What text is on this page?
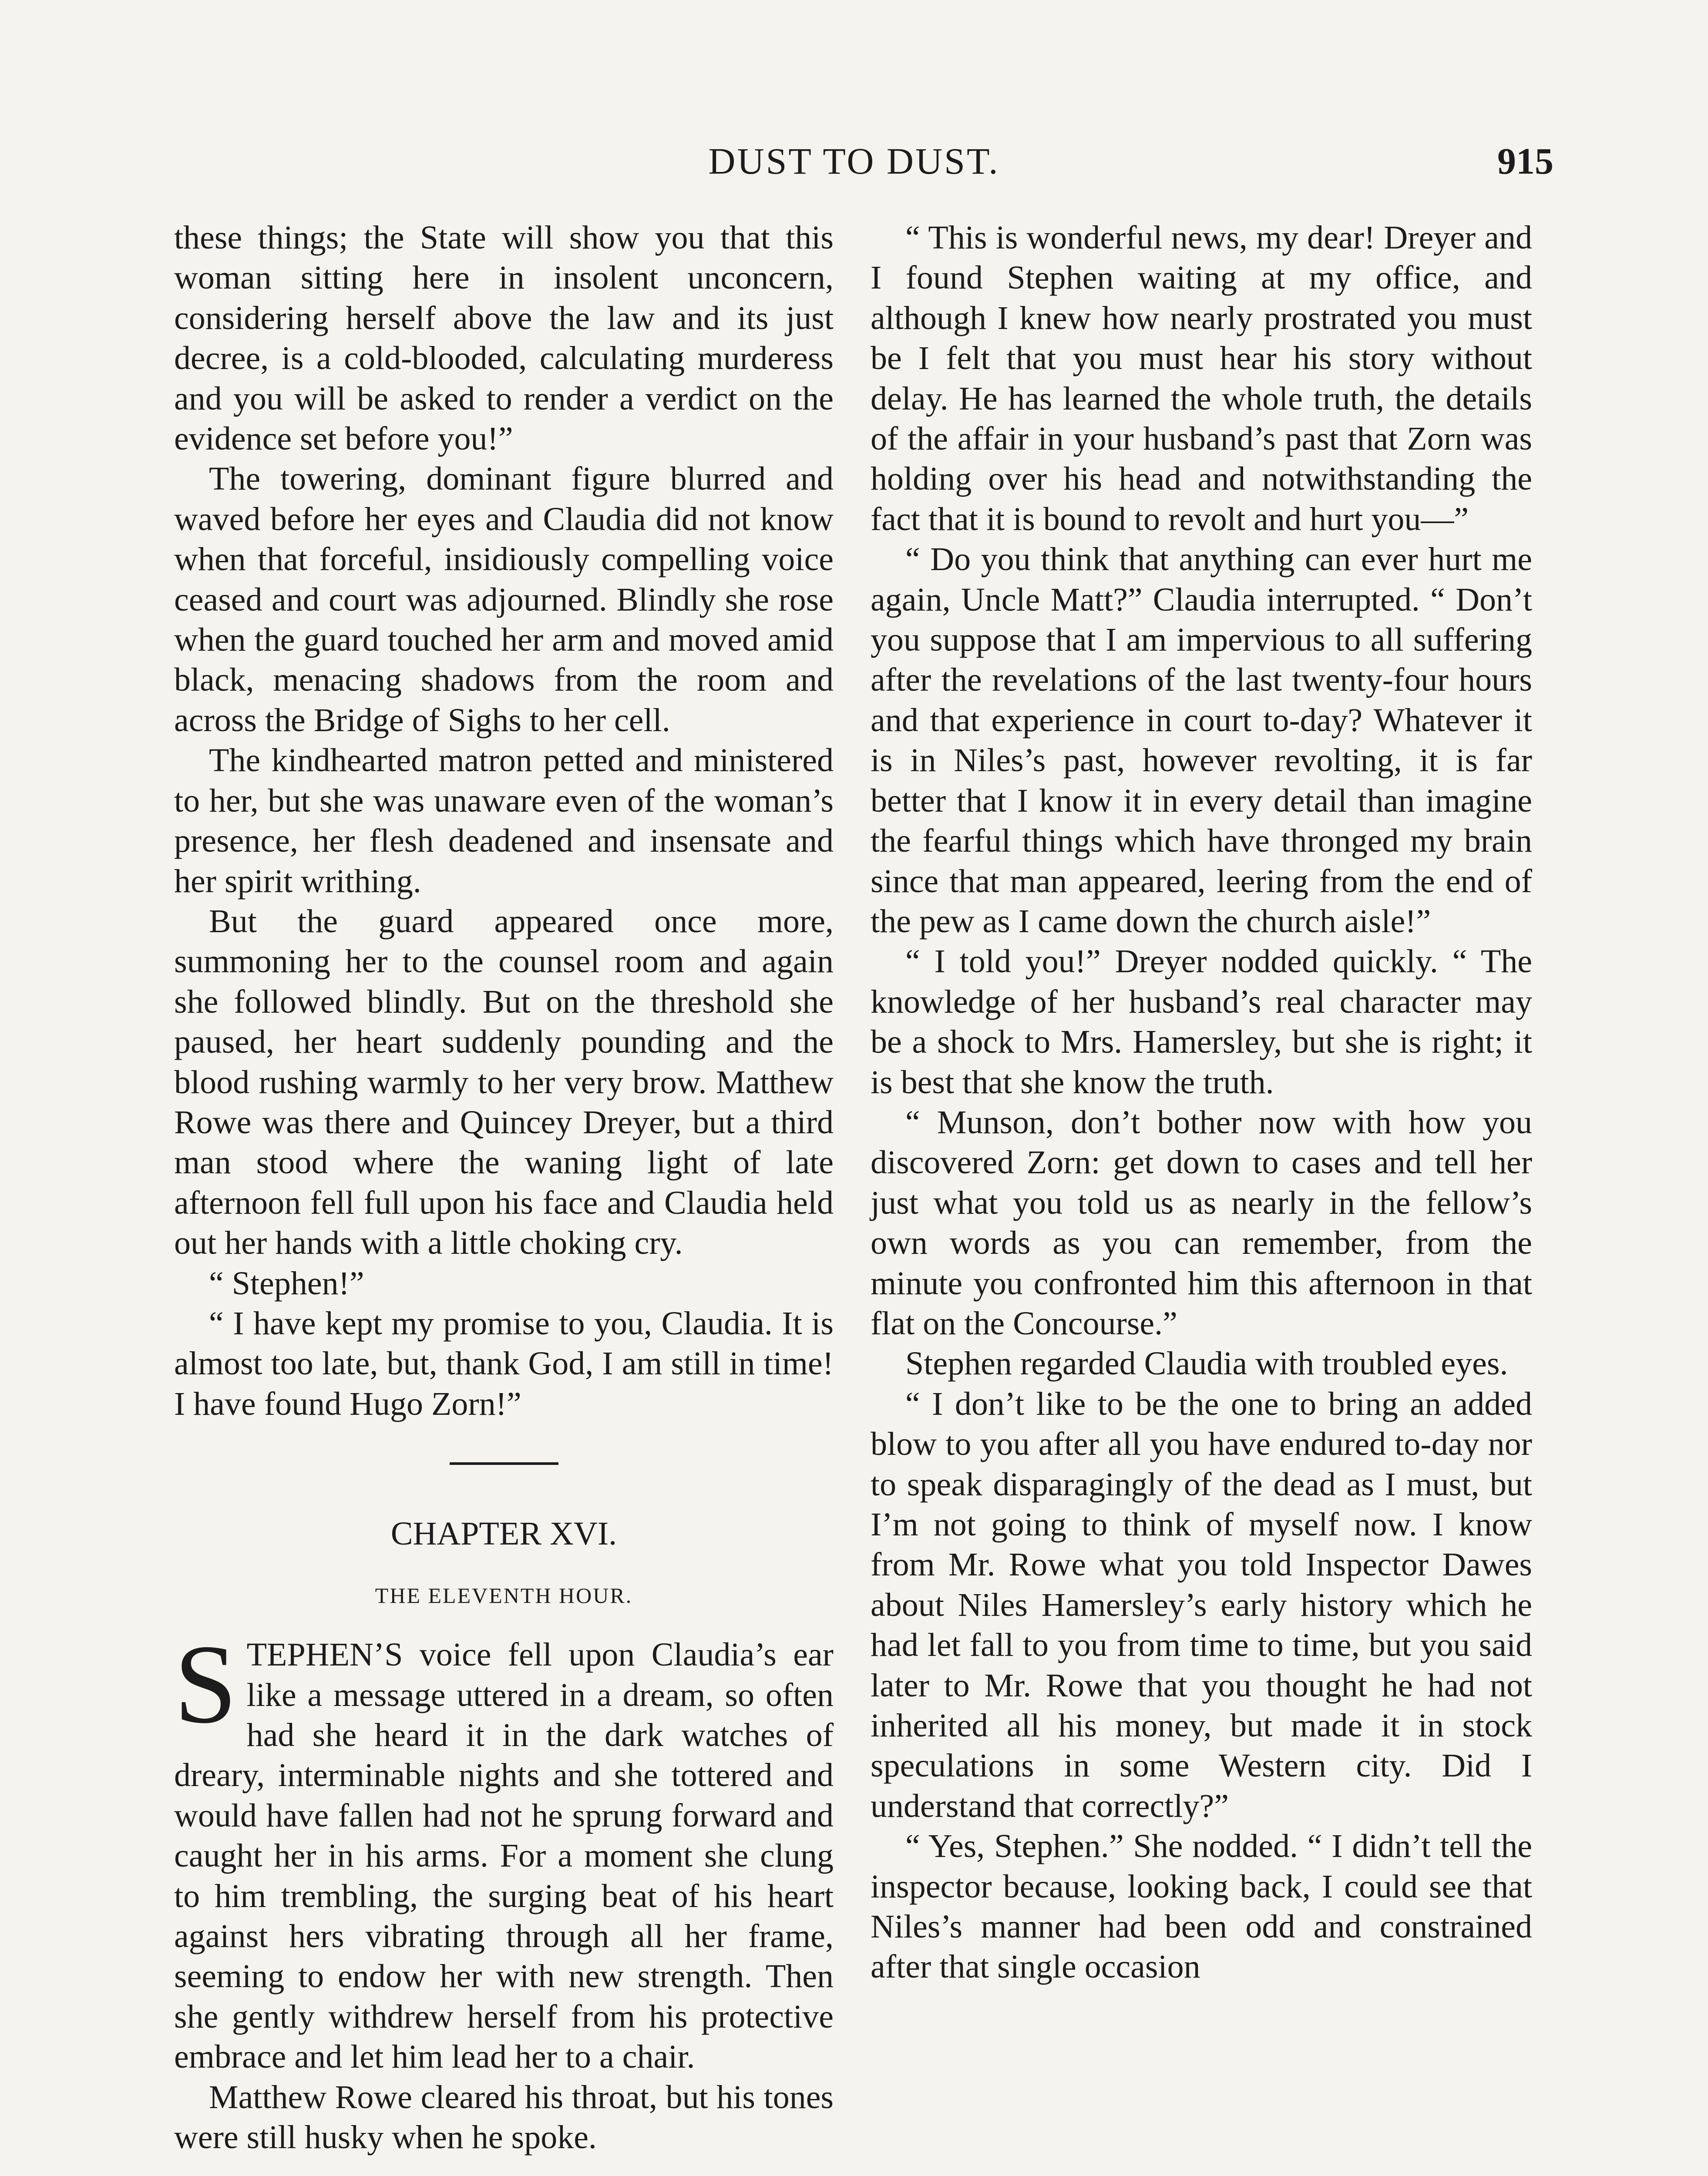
DUST TO DUST.	915

these things; the State will show you that this woman sitting here in insolent unconcern, considering herself above the law and its just decree, is a cold-blooded, calculating murderess and you will be asked to render a verdict on the evidence set before you!”

The towering, dominant figure blurred and waved before her eyes and Claudia did not know when that forceful, insidiously compelling voice ceased and court was adjourned. Blindly she rose when the guard touched her arm and moved amid black, menacing shadows from the room and across the Bridge of Sighs to her cell.

The kindhearted matron petted and ministered to her, but she was unaware even of the woman’s presence, her flesh deadened and insensate and her spirit writhing.

But the guard appeared once more, summoning her to the counsel room and again she followed blindly. But on the threshold she paused, her heart suddenly pounding and the blood rushing warmly to her very brow. Matthew Rowe was there and Quincey Dreyer, but a third man stood where the waning light of late afternoon fell full upon his face and Claudia held out her hands with a little choking cry.

“ Stephen!”

“ I have kept my promise to you, Claudia. It is almost too late, but, thank God, I am still in time! I have found Hugo Zorn!”

CHAPTER XVI.
THE ELEVENTH HOUR.

STEPHEN’S voice fell upon Claudia’s ear like a message uttered in a dream, so often had she heard it in the dark watches of dreary, interminable nights and she tottered and would have fallen had not he sprung forward and caught her in his arms. For a moment she clung to him trembling, the surging beat of his heart against hers vibrating through all her frame, seeming to endow her with new strength. Then she gently withdrew herself from his protective embrace and let him lead her to a chair.

Matthew Rowe cleared his throat, but his tones were still husky when he spoke.

“ This is wonderful news, my dear! Dreyer and I found Stephen waiting at my office, and although I knew how nearly prostrated you must be I felt that you must hear his story without delay. He has learned the whole truth, the details of the affair in your husband’s past that Zorn was holding over his head and notwithstanding the fact that it is bound to revolt and hurt you—”

“ Do you think that anything can ever hurt me again, Uncle Matt?” Claudia interrupted. “ Don’t you suppose that I am impervious to all suffering after the revelations of the last twenty-four hours and that experience in court to-day? Whatever it is in Niles’s past, however revolting, it is far better that I know it in every detail than imagine the fearful things which have thronged my brain since that man appeared, leering from the end of the pew as I came down the church aisle!”

“ I told you!” Dreyer nodded quickly. “ The knowledge of her husband’s real character may be a shock to Mrs. Hamersley, but she is right; it is best that she know the truth.

“ Munson, don’t bother now with how you discovered Zorn: get down to cases and tell her just what you told us as nearly in the fellow’s own words as you can remember, from the minute you confronted him this afternoon in that flat on the Concourse.”

Stephen regarded Claudia with troubled eyes.

“ I don’t like to be the one to bring an added blow to you after all you have endured to-day nor to speak disparagingly of the dead as I must, but I’m not going to think of myself now. I know from Mr. Rowe what you told Inspector Dawes about Niles Hamersley’s early history which he had let fall to you from time to time, but you said later to Mr. Rowe that you thought he had not inherited all his money, but made it in stock speculations in some Western city. Did I understand that correctly?”

“ Yes, Stephen.” She nodded. “ I didn’t tell the inspector because, looking back, I could see that Niles’s manner had been odd and constrained after that single occasion
